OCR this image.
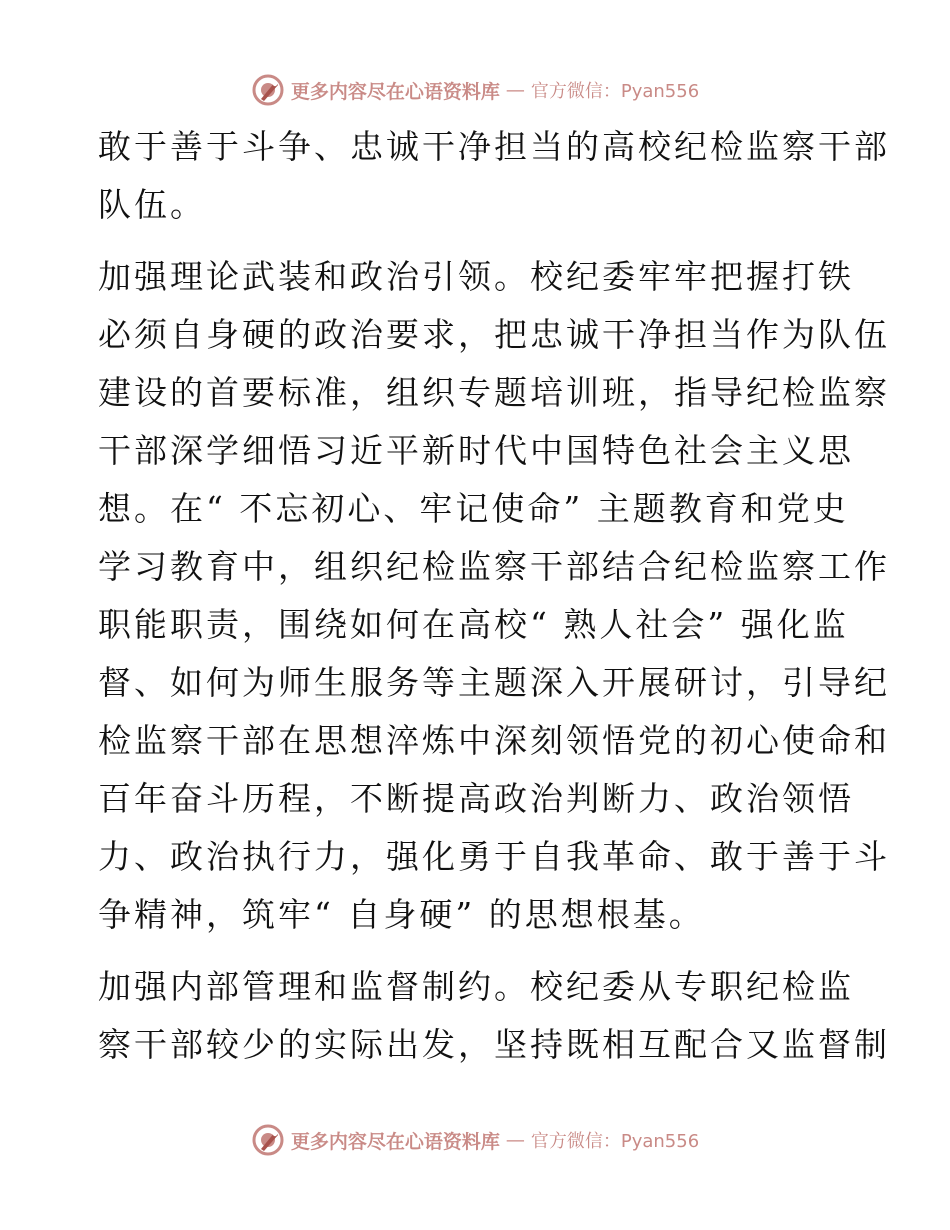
更多内容尽在心语资料库 — 官方微信：Pyan556

敢于善于斗争、忠诚干净担当的高校纪检监察干部
队伍。

加强理论武装和政治引领。校纪委牢牢把握打铁
必须自身硬的政治要求，把忠诚干净担当作为队伍
建设的首要标准，组织专题培训班，指导纪检监察
干部深学细悟习近平新时代中国特色社会主义思
想。在“ 不忘初心、牢记使命” 主题教育和党史
学习教育中，组织纪检监察干部结合纪检监察工作
职能职责，围绕如何在高校“ 熟人社会” 强化监
督、如何为师生服务等主题深入开展研讨，引导纪
检监察干部在思想淬炼中深刻领悟党的初心使命和
百年奋斗历程，不断提高政治判断力、政治领悟
力、政治执行力，强化勇于自我革命、敢于善于斗
争精神，筑牢“ 自身硬” 的思想根基。

加强内部管理和监督制约。校纪委从专职纪检监
察干部较少的实际出发，坚持既相互配合又监督制

更多内容尽在心语资料库 — 官方微信：Pyan556
